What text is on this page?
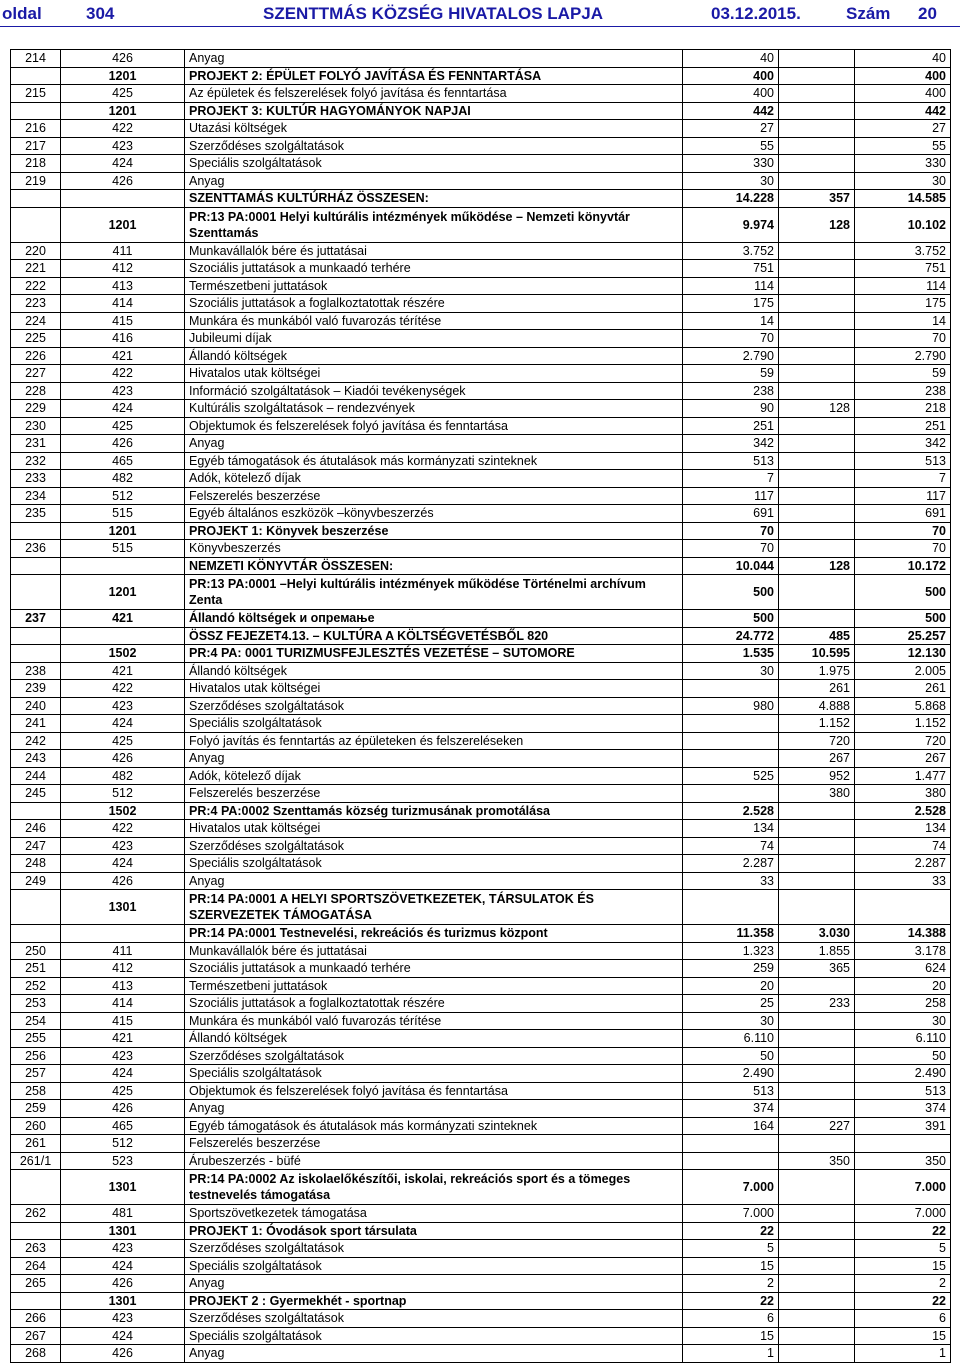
oldal	304	SZENTTMÁS KÖZSÉG HIVATALOS LAPJA	03.12.2015.	Szám 20
214	426	Anyag	40		40
	1201	PROJEKT 2: ÉPÜLET FOLYÓ JAVÍTÁSA ÉS FENNTARTÁSA	400		400
215	425	Az épületek és felszerelések folyó javítása és fenntartása	400		400
	1201	PROJEKT 3: KULTÚR HAGYOMÁNYOK NAPJAI	442		442
216	422	Utazási költségek	27		27
217	423	Szerződéses szolgáltatások	55		55
218	424	Speciális szolgáltatások	330		330
219	426	Anyag	30		30
		SZENTTAMÁS KULTÚRHÁZ ÖSSZESEN:	14.228	357	14.585
	1201	PR:13 PA:0001 Helyi kultúrális intézmények működése – Nemzeti könyvtár Szenttamás	9.974	128	10.102
220	411	Munkavállalók bére és juttatásai	3.752		3.752
221	412	Szociális juttatások a munkaadó terhére	751		751
222	413	Természetbeni juttatások	114		114
223	414	Szociális juttatások a foglalkoztatottak részére	175		175
224	415	Munkára és munkából való fuvarozás térítése	14		14
225	416	Jubileumi díjak	70		70
226	421	Állandó költségek	2.790		2.790
227	422	Hivatalos utak költségei	59		59
228	423	Információ szolgáltatások – Kiadói tevékenységek	238		238
229	424	Kultúrális szolgáltatások – rendezvények	90	128	218
230	425	Objektumok és felszerelések folyó javítása és fenntartása	251		251
231	426	Anyag	342		342
232	465	Egyéb támogatások és átutalások más kormányzati szinteknek	513		513
233	482	Adók, kötelező díjak	7		7
234	512	Felszerelés beszerzése	117		117
235	515	Egyéb általános eszközök –könyvbeszerzés	691		691
	1201	PROJEKT 1: Könyvek beszerzése	70		70
236	515	Könyvbeszerzés	70		70
		NEMZETI KÖNYVTÁR ÖSSZESEN:	10.044	128	10.172
	1201	PR:13 PA:0001 –Helyi kultúrális intézmények működése Történelmi archívum Zenta	500		500
237	421	Állandó költségek и опремање	500		500
		ÖSSZ FEJEZET4.13. – KULTÚRA A KÖLTSÉGVETÉSBŐL 820	24.772	485	25.257
	1502	PR:4 PA: 0001 TURIZMUSFEJLESZTÉS VEZETÉSE – SUTOMORE	1.535	10.595	12.130
238	421	Állandó költségek	30	1.975	2.005
239	422	Hivatalos utak költségei		261	261
240	423	Szerződéses szolgáltatások	980	4.888	5.868
241	424	Speciális szolgáltatások		1.152	1.152
242	425	Folyó javítás és fenntartás az épületeken és felszereléseken		720	720
243	426	Anyag		267	267
244	482	Adók, kötelező díjak	525	952	1.477
245	512	Felszerelés beszerzése		380	380
	1502	PR:4 PA:0002 Szenttamás község turizmusának promotálása	2.528		2.528
246	422	Hivatalos utak költségei	134		134
247	423	Szerződéses szolgáltatások	74		74
248	424	Speciális szolgáltatások	2.287		2.287
249	426	Anyag	33		33
	1301	PR:14 PA:0001 A HELYI SPORTSZÖVETKEZETEK, TÁRSULATOK ÉS SZERVEZETEK TÁMOGATÁSA			
		PR:14 PA:0001 Testnevelési, rekreációs és turizmus központ	11.358	3.030	14.388
250	411	Munkavállalók bére és juttatásai	1.323	1.855	3.178
251	412	Szociális juttatások a munkaadó terhére	259	365	624
252	413	Természetbeni juttatások	20		20
253	414	Szociális juttatások a foglalkoztatottak részére	25	233	258
254	415	Munkára és munkából való fuvarozás térítése	30		30
255	421	Állandó költségek	6.110		6.110
256	423	Szerződéses szolgáltatások	50		50
257	424	Speciális szolgáltatások	2.490		2.490
258	425	Objektumok és felszerelések folyó javítása és fenntartása	513		513
259	426	Anyag	374		374
260	465	Egyéb támogatások és átutalások más kormányzati szinteknek	164	227	391
261	512	Felszerelés beszerzése			
261/1	523	Árubeszerzés - büfé		350	350
	1301	PR:14 PA:0002 Az iskolaelőkészítői, iskolai, rekreációs sport és a tömeges testnevelés támogatása	7.000		7.000
262	481	Sportszövetkezetek támogatása	7.000		7.000
	1301	PROJEKT 1: Óvodások sport társulata	22		22
263	423	Szerződéses szolgáltatások	5		5
264	424	Speciális szolgáltatások	15		15
265	426	Anyag	2		2
	1301	PROJEKT 2 : Gyermekhét - sportnap	22		22
266	423	Szerződéses szolgáltatások	6		6
267	424	Speciális szolgáltatások	15		15
268	426	Anyag	1		1
